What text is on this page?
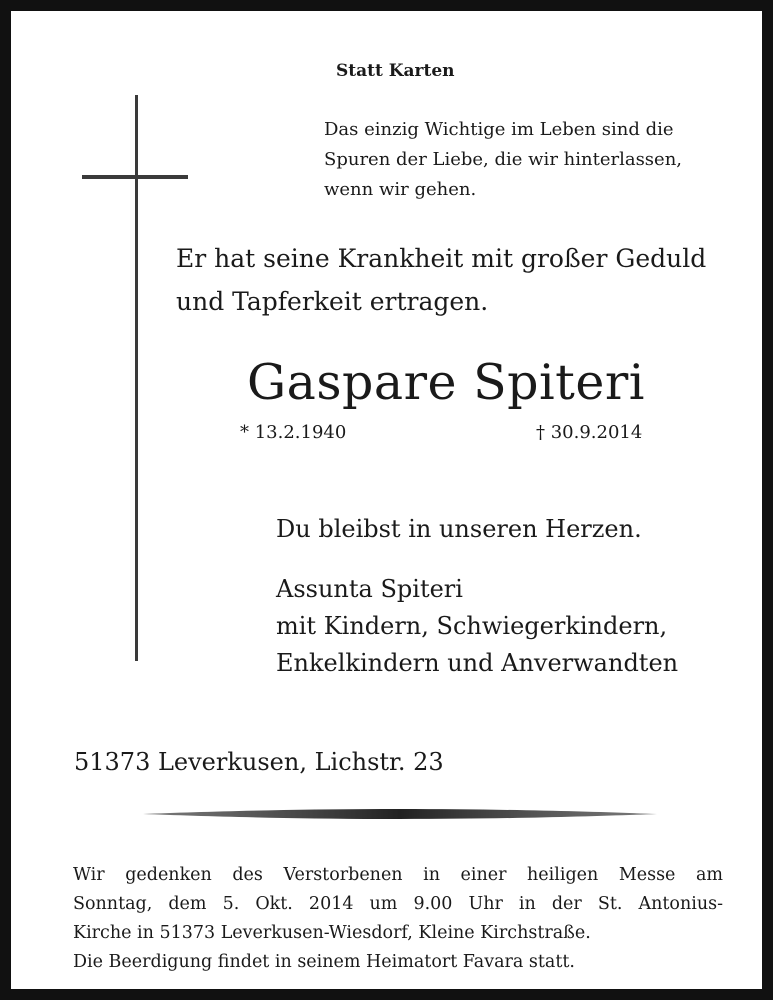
Statt Karten
Das einzig Wichtige im Leben sind die
Spuren der Liebe, die wir hinterlassen,
wenn wir gehen.
Er hat seine Krankheit mit großer Geduld
und Tapferkeit ertragen.
Gaspare Spiteri
* 13.2.1940	† 30.9.2014
Du bleibst in unseren Herzen.
Assunta Spiteri
mit Kindern, Schwiegerkindern,
Enkelkindern und Anverwandten
51373 Leverkusen, Lichstr. 23
Wir gedenken des Verstorbenen in einer heiligen Messe am
Sonntag, dem 5. Okt. 2014 um 9.00 Uhr in der St. Antonius-
Kirche in 51373 Leverkusen-Wiesdorf, Kleine Kirchstraße.
Die Beerdigung findet in seinem Heimatort Favara statt.
